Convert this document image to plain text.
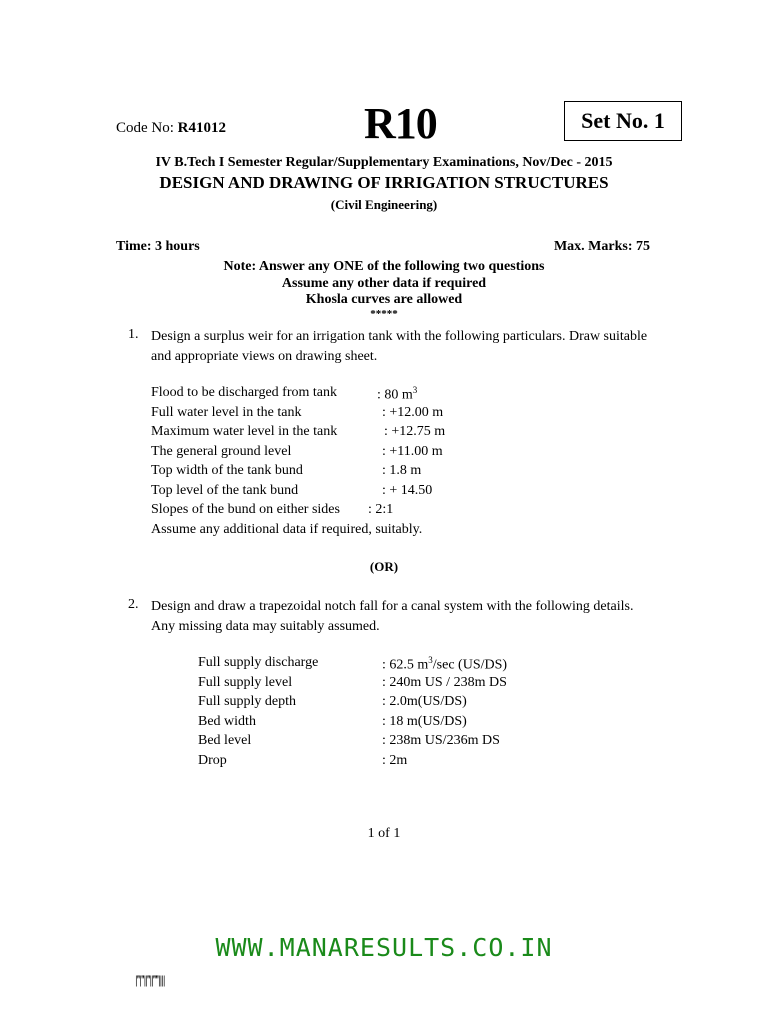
Code No: R41012	R10	Set No. 1
IV B.Tech I Semester Regular/Supplementary Examinations, Nov/Dec - 2015
DESIGN AND DRAWING OF IRRIGATION STRUCTURES
(Civil Engineering)
Time: 3 hours	Max. Marks: 75
Note: Answer any ONE of the following two questions
Assume any other data if required
Khosla curves are allowed
*****
1. Design a surplus weir for an irrigation tank with the following particulars. Draw suitable and appropriate views on drawing sheet.
Flood to be discharged from tank	: 80 $m^3$
Full water level in the tank	: +12.00 m
Maximum water level in the tank	: +12.75 m
The general ground level	: +11.00 m
Top width of the tank bund	: 1.8 m
Top level of the tank bund	: + 14.50
Slopes of the bund on either sides : 2:1
Assume any additional data if required, suitably.
(OR)
2. Design and draw a trapezoidal notch fall for a canal system with the following details. Any missing data may suitably assumed.
Full supply discharge	: 62.5 $m^3/\sec$ (US/DS)
Full supply level	: 240m US / 238m DS
Full supply depth	: 2.0m(US/DS)
Bed width	: 18 m(US/DS)
Bed level	: 238m US/236m DS
Drop	: 2m
1 of 1
WWW.MANARESULTS.CO.IN
|''|''||''||''''||||
